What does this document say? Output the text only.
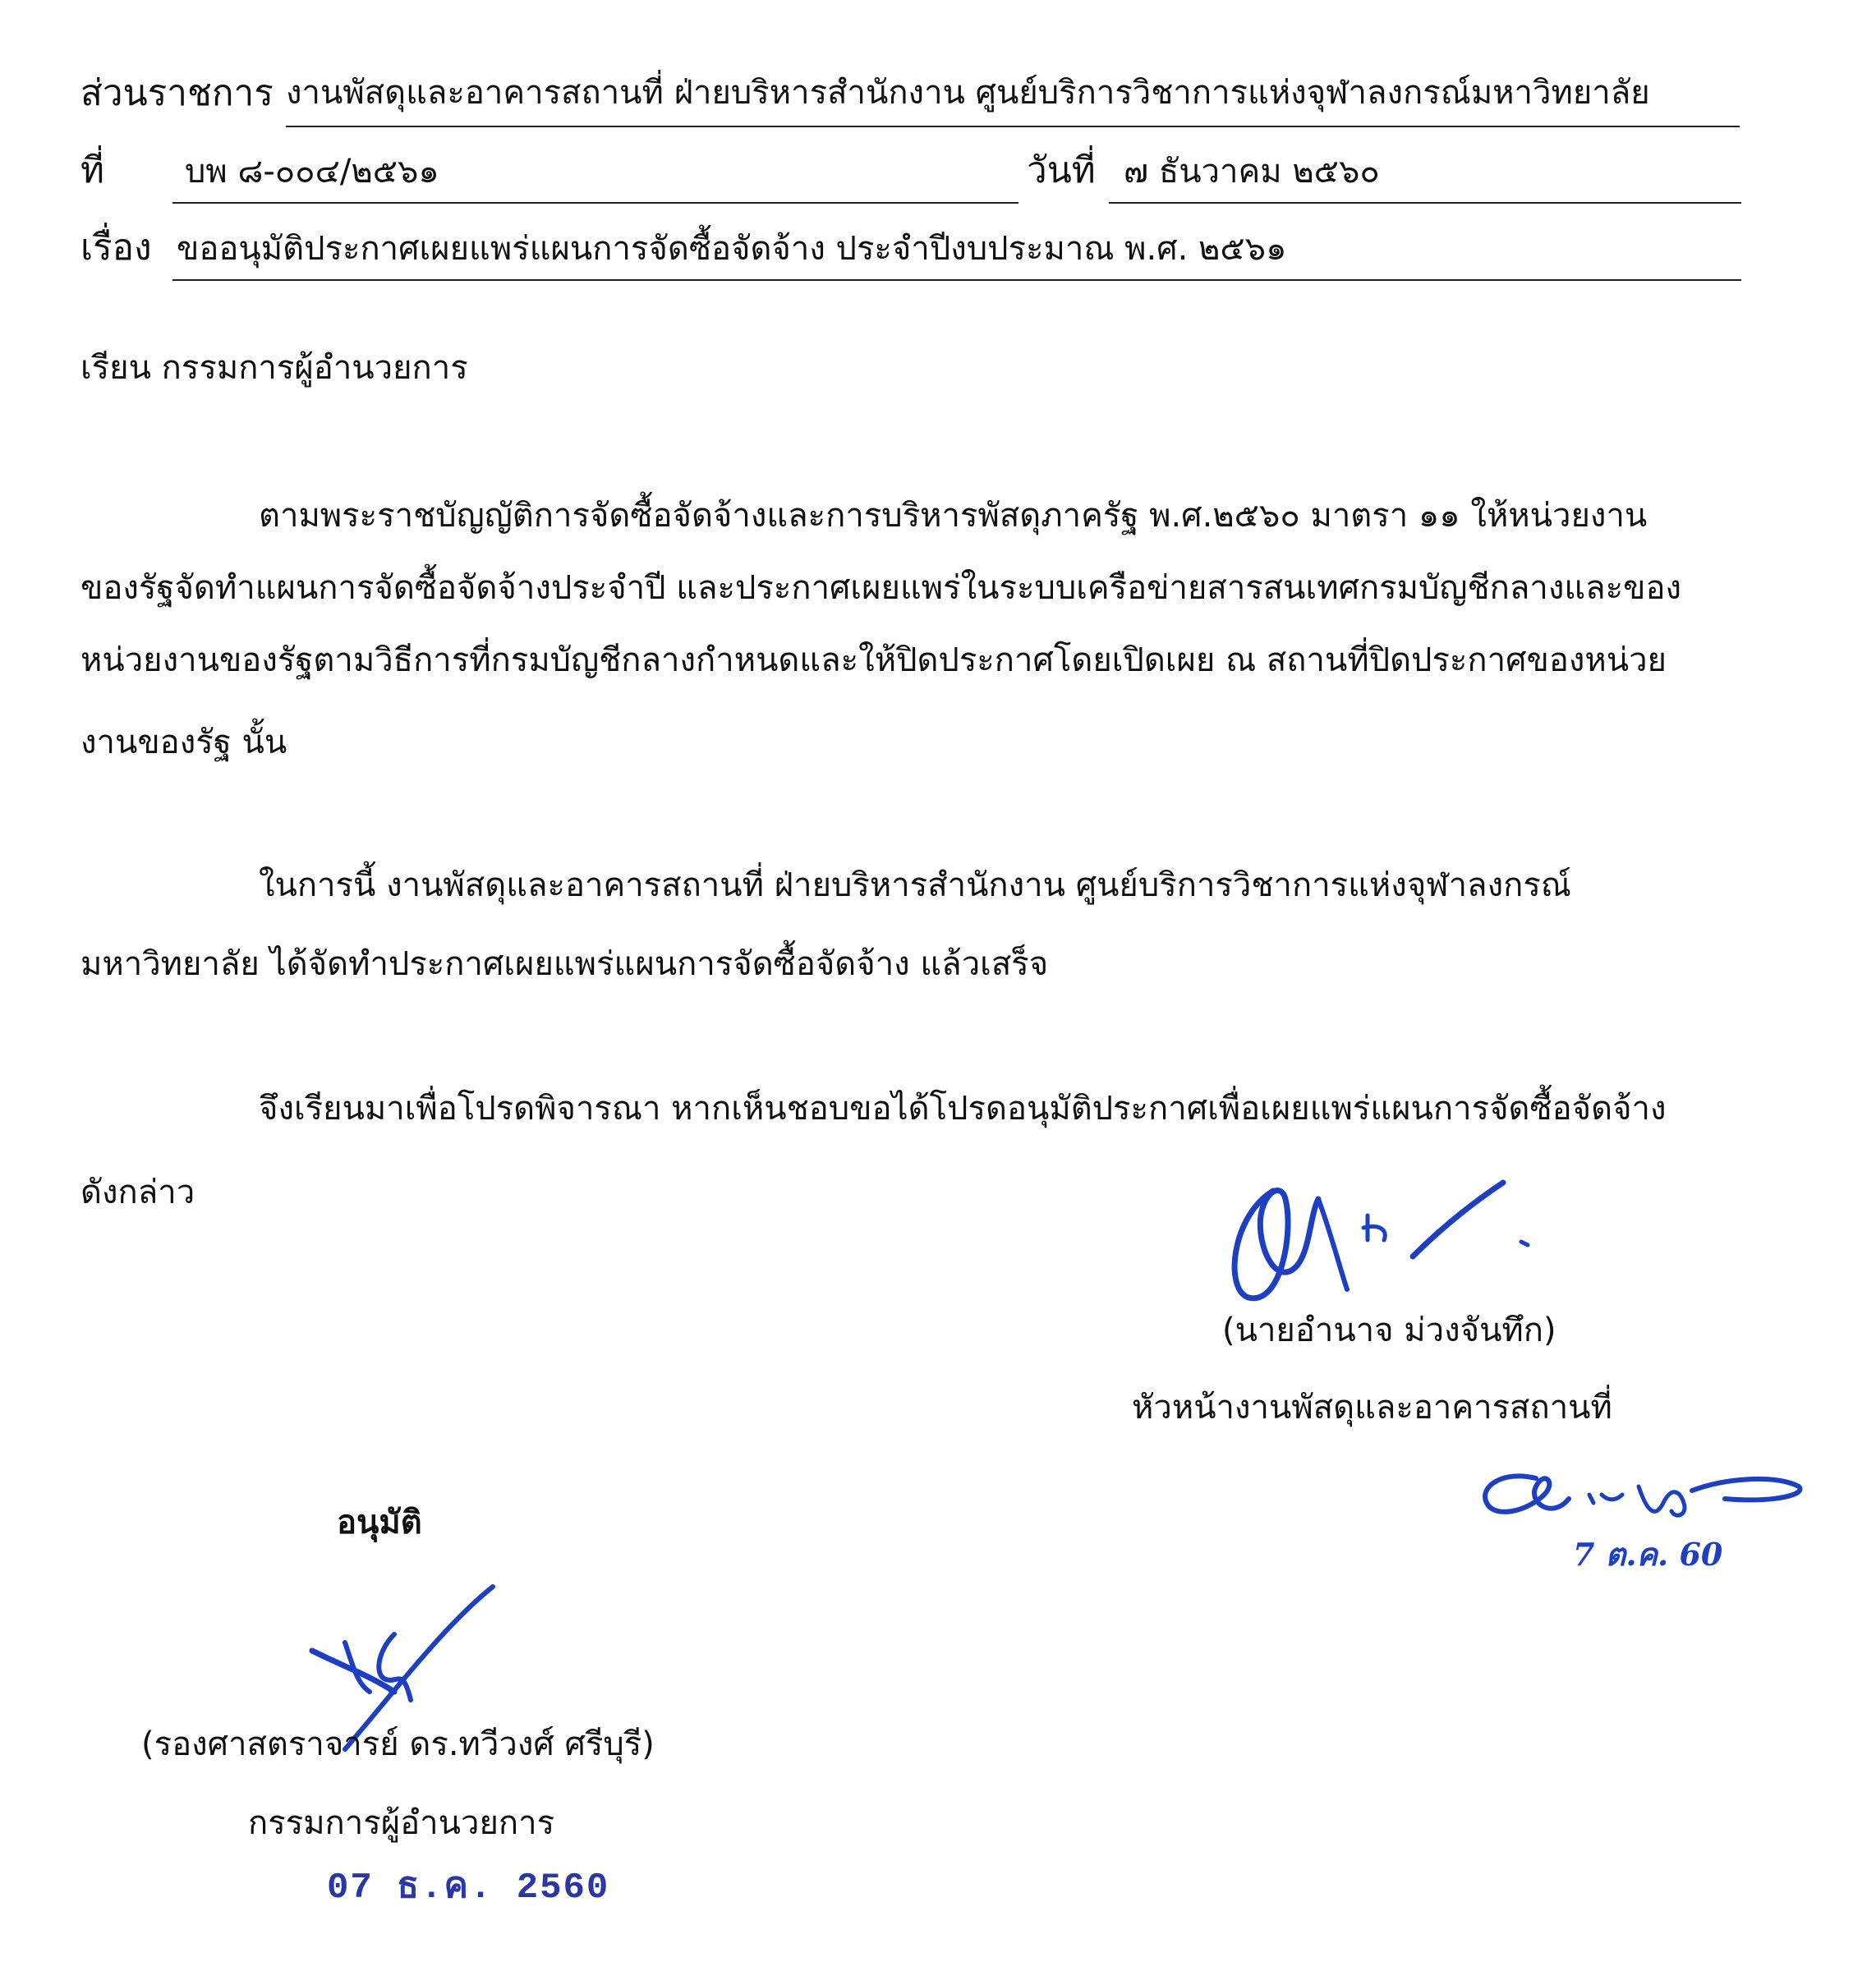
ส่วนราชการ งานพัสดุและอาคารสถานที่ ฝ่ายบริหารสำนักงาน ศูนย์บริการวิชาการแห่งจุฬาลงกรณ์มหาวิทยาลัย
ที่ บพ ๘-๐๐๔/๒๕๖๑	วันที่ ๗ ธันวาคม ๒๕๖๐
เรื่อง ขออนุมัติประกาศเผยแพร่แผนการจัดซื้อจัดจ้าง ประจำปีงบประมาณ พ.ศ. ๒๕๖๑
เรียน กรรมการผู้อำนวยการ
ตามพระราชบัญญัติการจัดซื้อจัดจ้างและการบริหารพัสดุภาครัฐ พ.ศ.๒๕๖๐ มาตรา ๑๑ ให้หน่วยงาน
ของรัฐจัดทำแผนการจัดซื้อจัดจ้างประจำปี และประกาศเผยแพร่ในระบบเครือข่ายสารสนเทศกรมบัญชีกลางและของ
หน่วยงานของรัฐตามวิธีการที่กรมบัญชีกลางกำหนดและให้ปิดประกาศโดยเปิดเผย ณ สถานที่ปิดประกาศของหน่วย
งานของรัฐ นั้น
ในการนี้ งานพัสดุและอาคารสถานที่ ฝ่ายบริหารสำนักงาน ศูนย์บริการวิชาการแห่งจุฬาลงกรณ์
มหาวิทยาลัย ได้จัดทำประกาศเผยแพร่แผนการจัดซื้อจัดจ้าง แล้วเสร็จ
จึงเรียนมาเพื่อโปรดพิจารณา หากเห็นชอบขอได้โปรดอนุมัติประกาศเพื่อเผยแพร่แผนการจัดซื้อจัดจ้าง
ดังกล่าว
(นายอำนาจ ม่วงจันทึก)
หัวหน้างานพัสดุและอาคารสถานที่
7 ต.ค. 60
อนุมัติ
(รองศาสตราจารย์ ดร.ทวีวงศ์ ศรีบุรี)
กรรมการผู้อำนวยการ
07 ธ.ค. 2560
